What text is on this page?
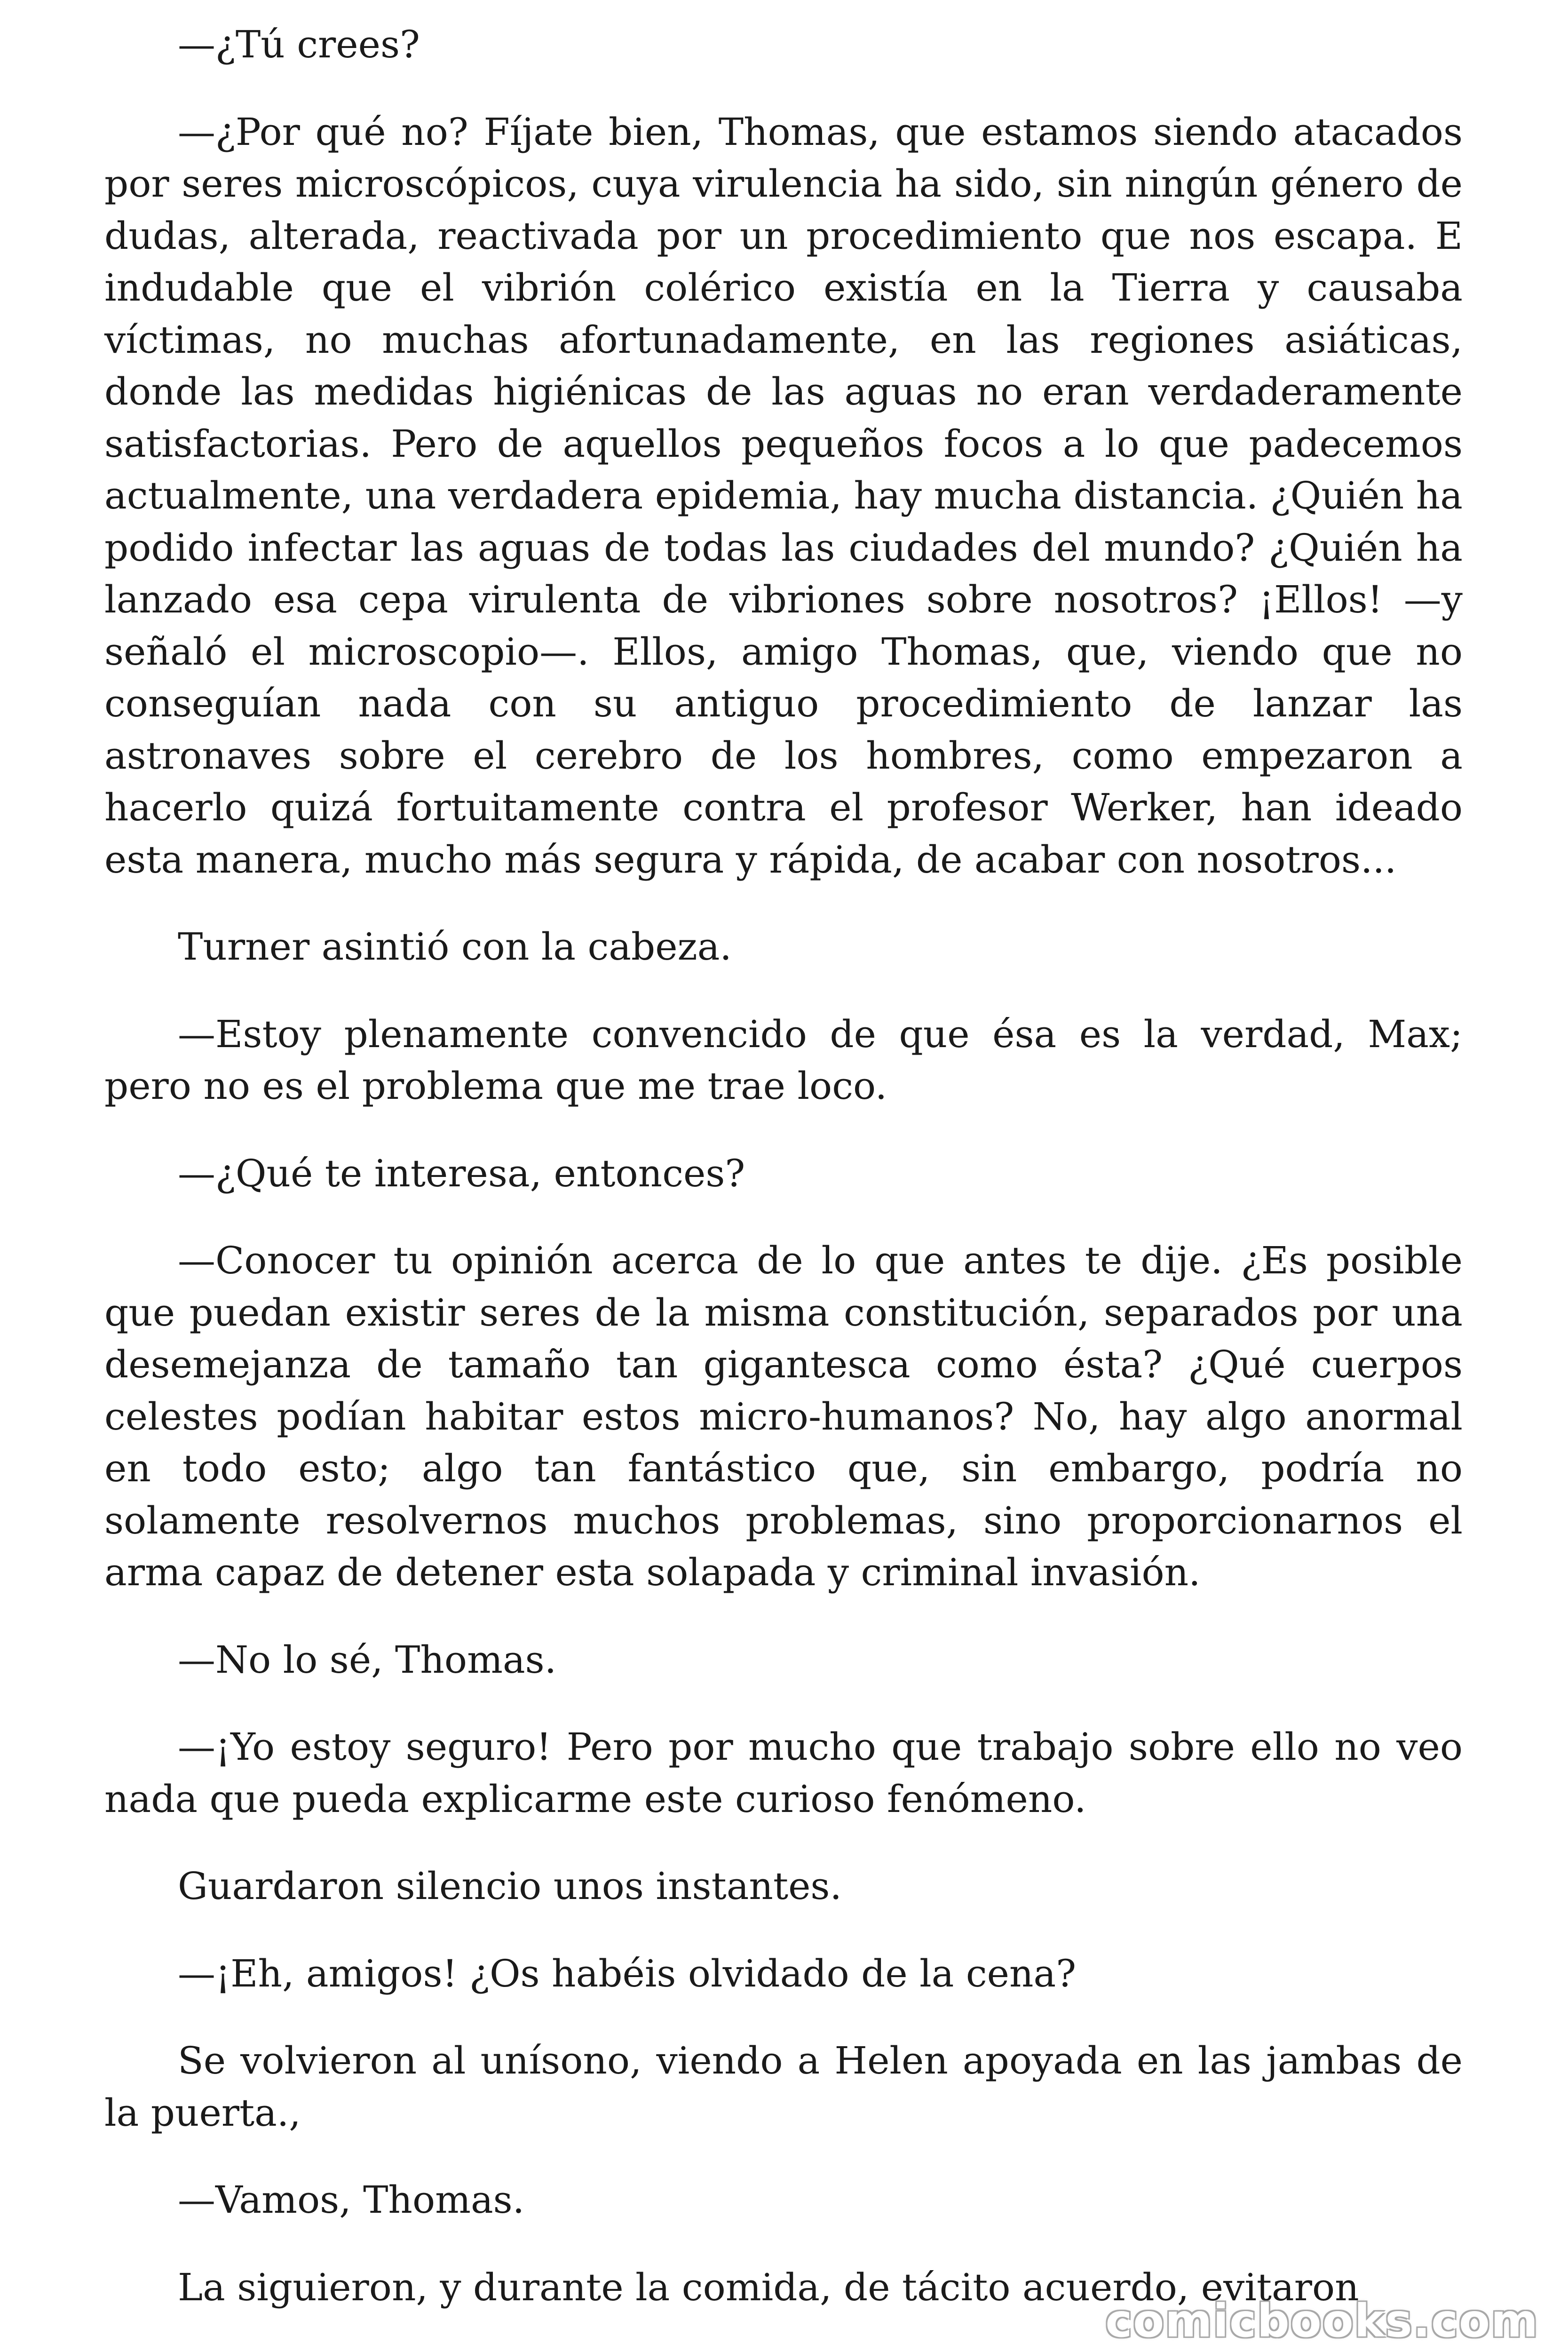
—¿Tú crees?

—¿Por qué no? Fíjate bien, Thomas, que estamos siendo atacados por seres microscópicos, cuya virulencia ha sido, sin ningún género de dudas, alterada, reactivada por un procedimiento que nos escapa. E indudable que el vibrión colérico existía en la Tierra y causaba víctimas, no muchas afortunadamente, en las regiones asiáticas, donde las medidas higiénicas de las aguas no eran verdaderamente satisfactorias. Pero de aquellos pequeños focos a lo que padecemos actualmente, una verdadera epidemia, hay mucha distancia. ¿Quién ha podido infectar las aguas de todas las ciudades del mundo? ¿Quién ha lanzado esa cepa virulenta de vibriones sobre nosotros? ¡Ellos! —y señaló el microscopio—. Ellos, amigo Thomas, que, viendo que no conseguían nada con su antiguo procedimiento de lanzar las astronaves sobre el cerebro de los hombres, como empezaron a hacerlo quizá fortuitamente contra el profesor Werker, han ideado esta manera, mucho más segura y rápida, de acabar con nosotros...

Turner asintió con la cabeza.

—Estoy plenamente convencido de que ésa es la verdad, Max; pero no es el problema que me trae loco.

—¿Qué te interesa, entonces?

—Conocer tu opinión acerca de lo que antes te dije. ¿Es posible que puedan existir seres de la misma constitución, separados por una desemejanza de tamaño tan gigantesca como ésta? ¿Qué cuerpos celestes podían habitar estos micro-humanos? No, hay algo anormal en todo esto; algo tan fantástico que, sin embargo, podría no solamente resolvernos muchos problemas, sino proporcionarnos el arma capaz de detener esta solapada y criminal invasión.

—No lo sé, Thomas.

—¡Yo estoy seguro! Pero por mucho que trabajo sobre ello no veo nada que pueda explicarme este curioso fenómeno.

Guardaron silencio unos instantes.

—¡Eh, amigos! ¿Os habéis olvidado de la cena?

Se volvieron al unísono, viendo a Helen apoyada en las jambas de la puerta.,

—Vamos, Thomas.

La siguieron, y durante la comida, de tácito acuerdo, evitaron

comicbooks.com
